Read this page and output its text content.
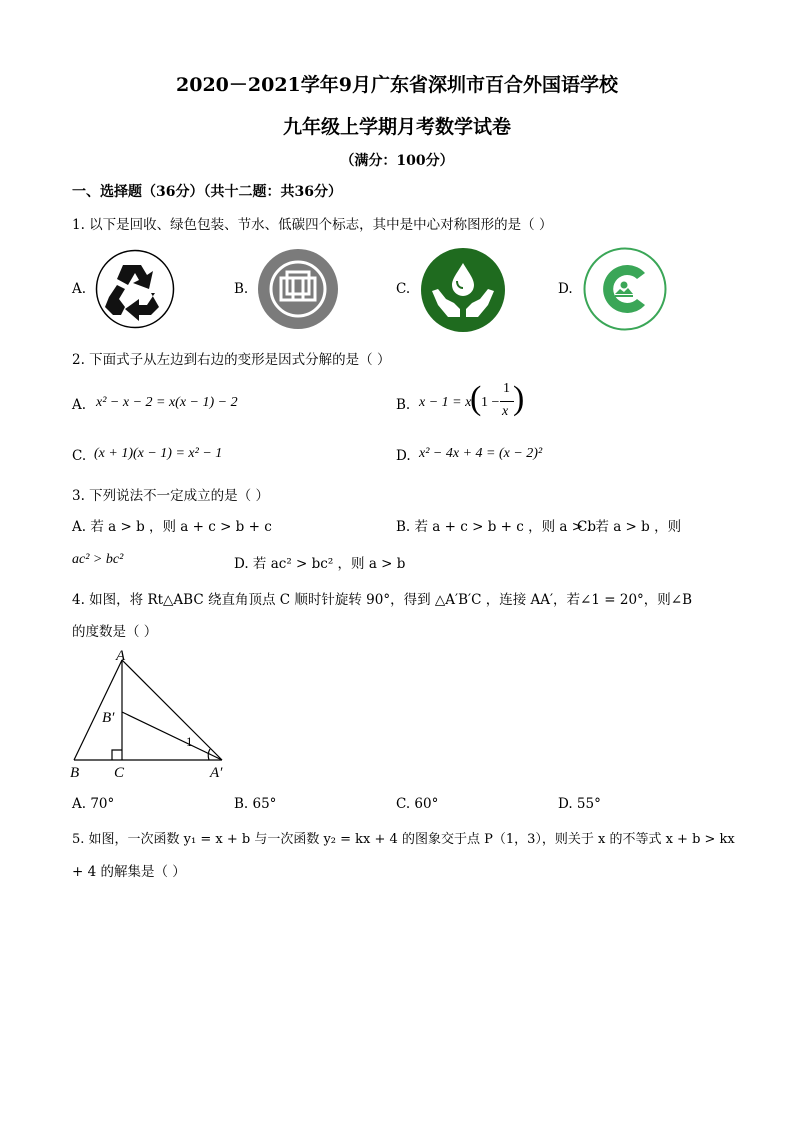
2020－2021学年9月广东省深圳市百合外国语学校
九年级上学期月考数学试卷
（满分：100分）
一、选择题（36分）（共十二题：共36分）
1. 以下是回收、绿色包装、节水、低碳四个标志，其中是中心对称图形的是（ ）
A.	B.	C.	D.
2. 下面式子从左边到右边的变形是因式分解的是（ ）
A. x² − x − 2 = x(x − 1) − 2	B. x − 1 = x
( 1 −
1
x )
C. (x + 1)(x − 1) = x² − 1	D. x² − 4x + 4 = (x − 2)²
3. 下列说法不一定成立的是（ ）
A. 若 a > b ，则 a + c > b + c	B. 若 a + c > b + c ，则 a > b
C. 若 a > b ，则
ac² > bc²	D. 若 ac² > bc² ，则 a > b
4. 如图，将 Rt△ABC 绕直角顶点 C 顺时针旋转 90°，得到 △A′B′C ，连接 AA′，若∠1 = 20°，则∠B
的度数是（ ）
A
B′
B C	A′
1
A. 70°	B. 65°	C. 60°	D. 55°
5. 如图，一次函数 y₁ = x + b 与一次函数 y₂ = kx + 4 的图象交于点 P（1，3），则关于 x 的不等式 x + b > kx
+ 4 的解集是（ ）
